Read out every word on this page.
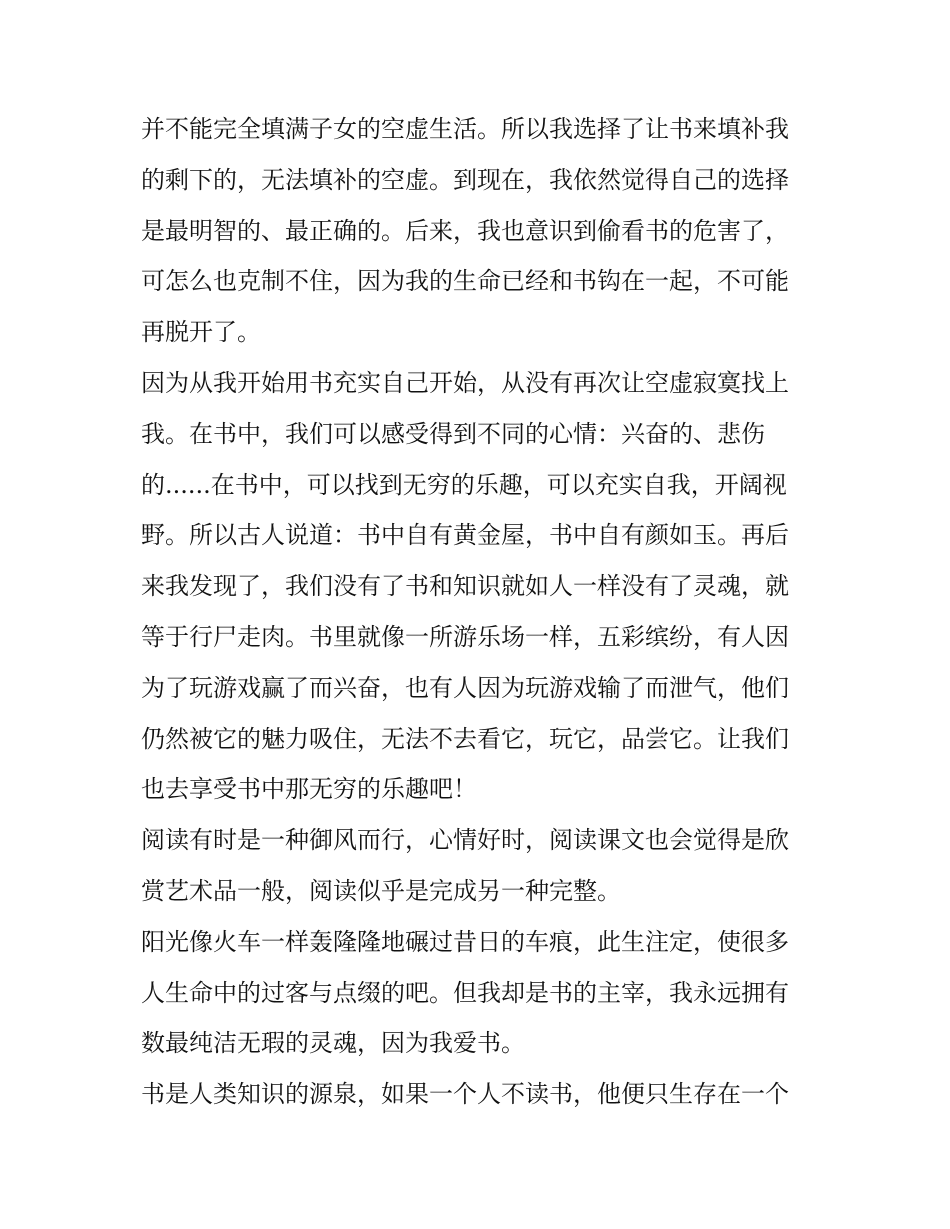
并不能完全填满子女的空虚生活。所以我选择了让书来填补我
的剩下的，无法填补的空虚。到现在，我依然觉得自己的选择
是最明智的、最正确的。后来，我也意识到偷看书的危害了，
可怎么也克制不住，因为我的生命已经和书钩在一起，不可能
再脱开了。
因为从我开始用书充实自己开始，从没有再次让空虚寂寞找上
我。在书中，我们可以感受得到不同的心情：兴奋的、悲伤
的......在书中，可以找到无穷的乐趣，可以充实自我，开阔视
野。所以古人说道：书中自有黄金屋，书中自有颜如玉。再后
来我发现了，我们没有了书和知识就如人一样没有了灵魂，就
等于行尸走肉。书里就像一所游乐场一样，五彩缤纷，有人因
为了玩游戏赢了而兴奋，也有人因为玩游戏输了而泄气，他们
仍然被它的魅力吸住，无法不去看它，玩它，品尝它。让我们
也去享受书中那无穷的乐趣吧！
阅读有时是一种御风而行，心情好时，阅读课文也会觉得是欣
赏艺术品一般，阅读似乎是完成另一种完整。
阳光像火车一样轰隆隆地碾过昔日的车痕，此生注定，使很多
人生命中的过客与点缀的吧。但我却是书的主宰，我永远拥有
数最纯洁无瑕的灵魂，因为我爱书。
书是人类知识的源泉，如果一个人不读书，他便只生存在一个
